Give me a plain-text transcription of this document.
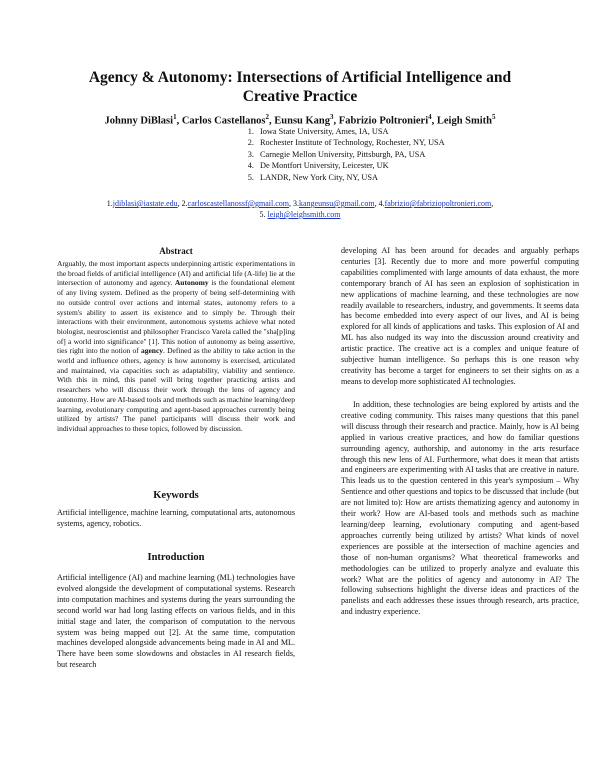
Agency & Autonomy: Intersections of Artificial Intelligence and Creative Practice
Johnny DiBlasi$^1$, Carlos Castellanos$^2$, Eunsu Kang$^3$, Fabrizio Poltronieri$^4$, Leigh Smith$^5$
1. Iowa State University, Ames, IA, USA
2. Rochester Institute of Technology, Rochester, NY, USA
3. Carnegie Mellon University, Pittsburgh, PA, USA
4. De Montfort University, Leicester, UK
5. LANDR, New York City, NY, USA
1.jdiblasi@iastate.edu, 2.carloscastellanossf@gmail.com, 3.kangeunsu@gmail.com, 4.fabrizio@fabriziopoltronieri.com,
5. leigh@leighsmith.com
Abstract

Arguably, the most important aspects underpinning artistic experimentations in the broad fields of artificial intelligence (AI) and artificial life (A-life) lie at the intersection of autonomy and agency. Autonomy is the foundational element of any living system. Defined as the property of being self-determining with no outside control over actions and internal states, autonomy refers to a system's ability to assert its existence and to simply be. Through their interactions with their environment, autonomous systems achieve what noted biologist, neuroscientist and philosopher Francisco Varela called the "sha[p]ing of] a world into significance" [1]. This notion of autonomy as being assertive, ties right into the notion of agency. Defined as the ability to take action in the world and influence others, agency is how autonomy is exercised, articulated and maintained, via capacities such as adaptability, viability and sentience. With this in mind, this panel will bring together practicing artists and researchers who will discuss their work through the lens of agency and autonomy. How are AI-based tools and methods such as machine learning/deep learning, evolutionary computing and agent-based approaches currently being utilized by artists? The panel participants will discuss their work and individual approaches to these topics, followed by discussion.

Keywords

Artificial intelligence, machine learning, computational arts, autonomous systems, agency, robotics.

Introduction

Artificial intelligence (AI) and machine learning (ML) technologies have evolved alongside the development of computational systems. Research into computation machines and systems during the years surrounding the second world war had long lasting effects on various fields, and in this initial stage and later, the comparison of computation to the nervous system was being mapped out [2]. At the same time, computation machines developed alongside advancements being made in AI and ML. There have been some slowdowns and obstacles in AI research fields, but research

developing AI has been around for decades and arguably perhaps centuries [3]. Recently due to more and more powerful computing capabilities complimented with large amounts of data exhaust, the more contemporary branch of AI has seen an explosion of sophistication in new applications of machine learning, and these technologies are now readily available to researchers, industry, and governments. It seems data has become embedded into every aspect of our lives, and AI is being explored for all kinds of applications and tasks. This explosion of AI and ML has also nudged its way into the discussion around creativity and artistic practice. The creative act is a complex and unique feature of subjective human intelligence. So perhaps this is one reason why creativity has become a target for engineers to set their sights on as a means to develop more sophisticated AI technologies.

In addition, these technologies are being explored by artists and the creative coding community. This raises many questions that this panel will discuss through their research and practice. Mainly, how is AI being applied in various creative practices, and how do familiar questions surrounding agency, authorship, and autonomy in the arts resurface through this new lens of AI. Furthermore, what does it mean that artists and engineers are experimenting with AI tasks that are creative in nature. This leads us to the question centered in this year's symposium – Why Sentience and other questions and topics to be discussed that include (but are not limited to): How are artists thematizing agency and autonomy in their work? How are AI-based tools and methods such as machine learning/deep learning, evolutionary computing and agent-based approaches currently being utilized by artists? What kinds of novel experiences are possible at the intersection of machine agencies and those of non-human organisms? What theoretical frameworks and methodologies can be utilized to properly analyze and evaluate this work? What are the politics of agency and autonomy in AI? The following subsections highlight the diverse ideas and practices of the panelists and each addresses these issues through research, arts practice, and industry experience.
